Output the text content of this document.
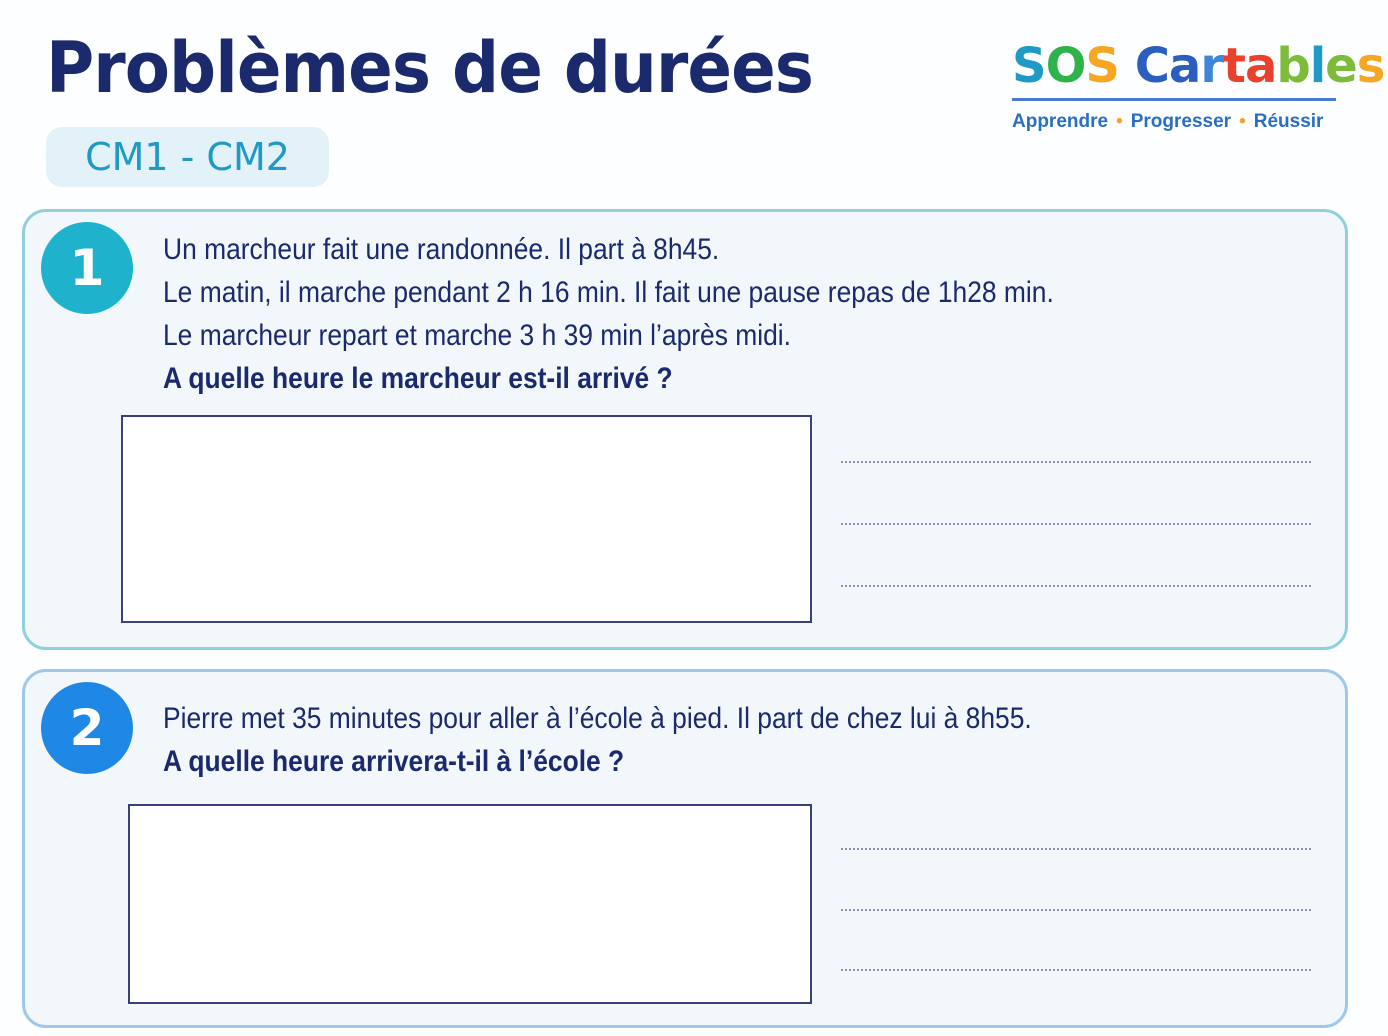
Problèmes de durées
CM1 - CM2
SOS Cartables
Apprendre • Progresser • Réussir
1	Un marcheur fait une randonnée. Il part à 8h45.

Le matin, il marche pendant 2 h 16 min. Il fait une pause repas de 1h28 min.

Le marcheur repart et marche 3 h 39 min l’après midi.

A quelle heure le marcheur est-il arrivé ?

2	Pierre met 35 minutes pour aller à l’école à pied. Il part de chez lui à 8h55.

A quelle heure arrivera-t-il à l’école ?
